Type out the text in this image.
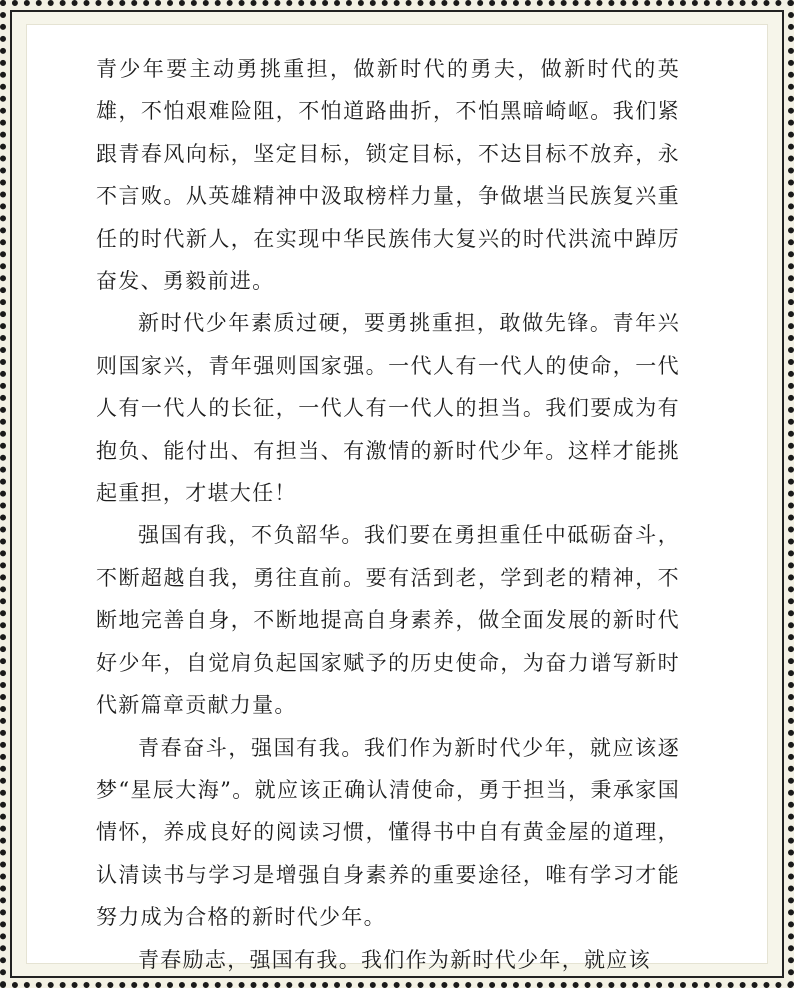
青少年要主动勇挑重担，做新时代的勇夫，做新时代的英雄，不怕艰难险阻，不怕道路曲折，不怕黑暗崎岖。我们紧跟青春风向标，坚定目标，锁定目标，不达目标不放弃，永不言败。从英雄精神中汲取榜样力量，争做堪当民族复兴重任的时代新人，在实现中华民族伟大复兴的时代洪流中踔厉奋发、勇毅前进。

新时代少年素质过硬，要勇挑重担，敢做先锋。青年兴则国家兴，青年强则国家强。一代人有一代人的使命，一代人有一代人的长征，一代人有一代人的担当。我们要成为有抱负、能付出、有担当、有激情的新时代少年。这样才能挑起重担，才堪大任！

强国有我，不负韶华。我们要在勇担重任中砥砺奋斗，不断超越自我，勇往直前。要有活到老，学到老的精神，不断地完善自身，不断地提高自身素养，做全面发展的新时代好少年，自觉肩负起国家赋予的历史使命，为奋力谱写新时代新篇章贡献力量。

青春奋斗，强国有我。我们作为新时代少年，就应该逐梦“星辰大海”。就应该正确认清使命，勇于担当，秉承家国情怀，养成良好的阅读习惯，懂得书中自有黄金屋的道理，认清读书与学习是增强自身素养的重要途径，唯有学习才能努力成为合格的新时代少年。

青春励志，强国有我。我们作为新时代少年，就应该
